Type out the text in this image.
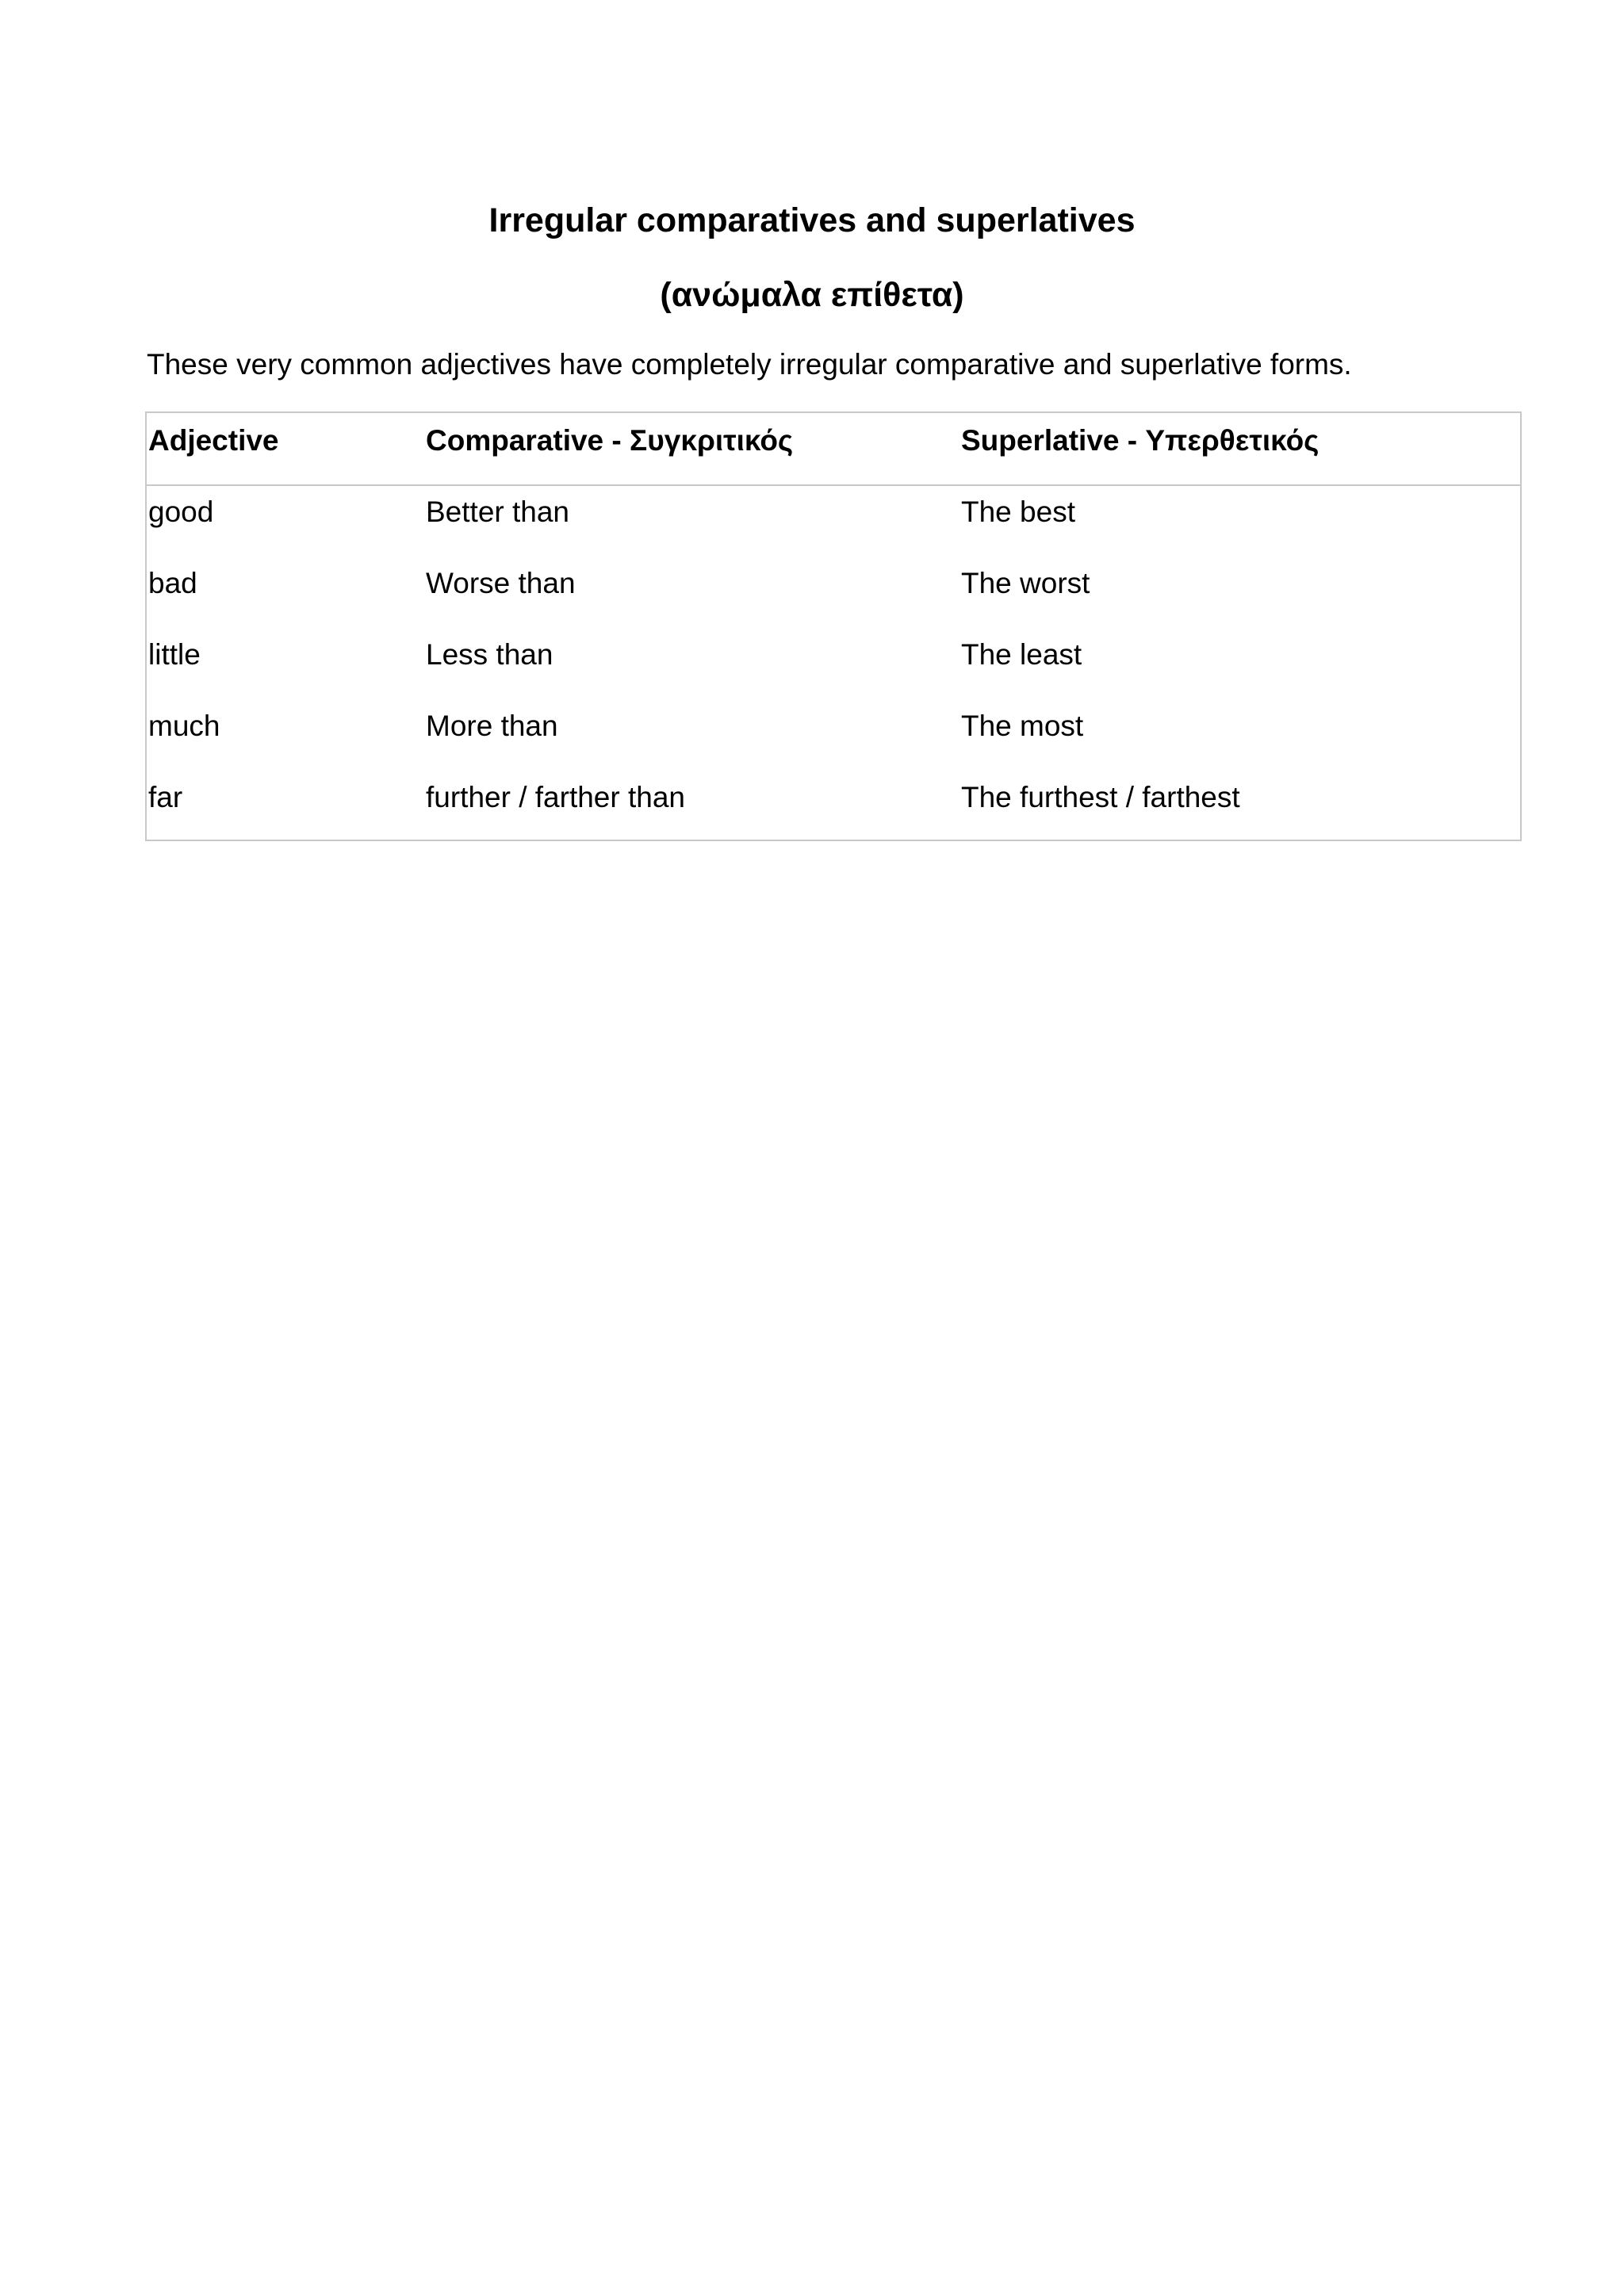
Irregular comparatives and superlatives
(ανώμαλα επίθετα)

These very common adjectives have completely irregular comparative and superlative forms.

Adjective	Comparative - Συγκριτικός	Superlative - Υπερθετικός
good	Better than	The best
bad	Worse than	The worst
little	Less than	The least
much	More than	The most
far	further / farther than	The furthest / farthest
